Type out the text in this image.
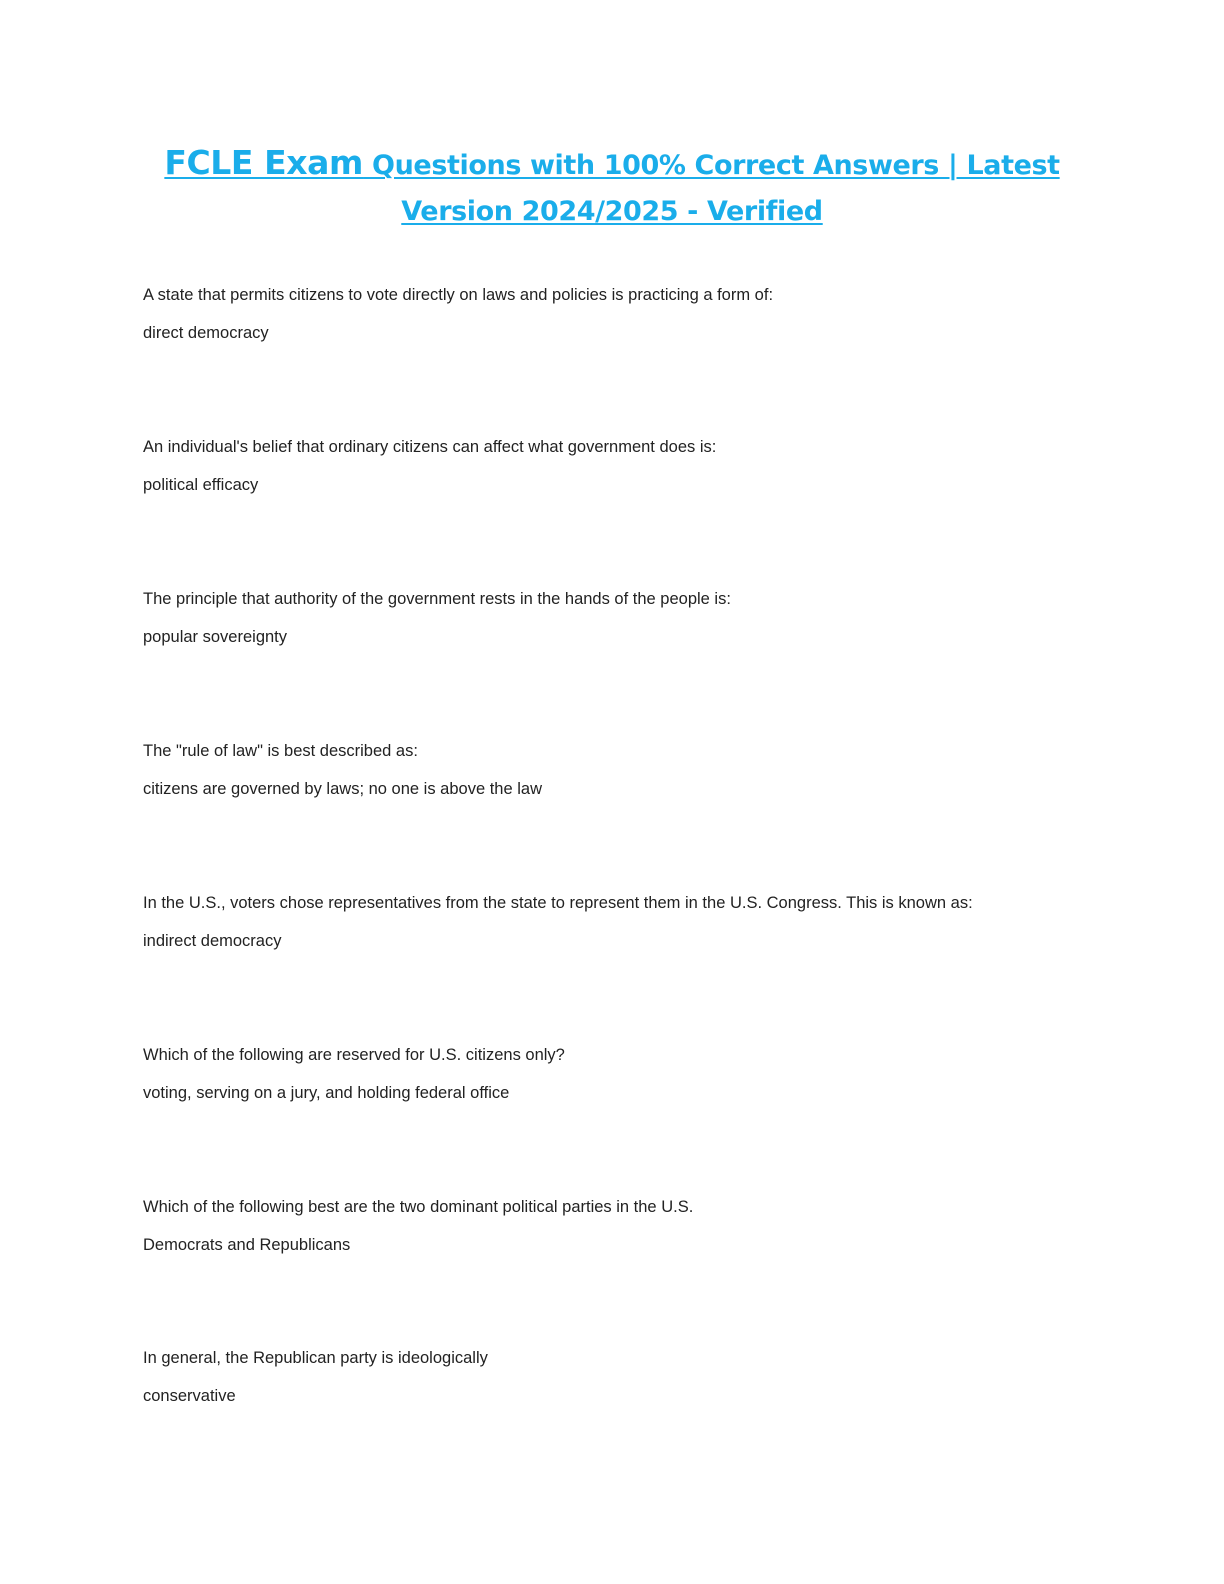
FCLE Exam Questions with 100% Correct Answers | Latest Version 2024/2025 - Verified

A state that permits citizens to vote directly on laws and policies is practicing a form of:

direct democracy

An individual's belief that ordinary citizens can affect what government does is:

political efficacy

The principle that authority of the government rests in the hands of the people is:

popular sovereignty

The "rule of law" is best described as:

citizens are governed by laws; no one is above the law

In the U.S., voters chose representatives from the state to represent them in the U.S. Congress. This is known as:

indirect democracy

Which of the following are reserved for U.S. citizens only?

voting, serving on a jury, and holding federal office

Which of the following best are the two dominant political parties in the U.S.

Democrats and Republicans

In general, the Republican party is ideologically

conservative
